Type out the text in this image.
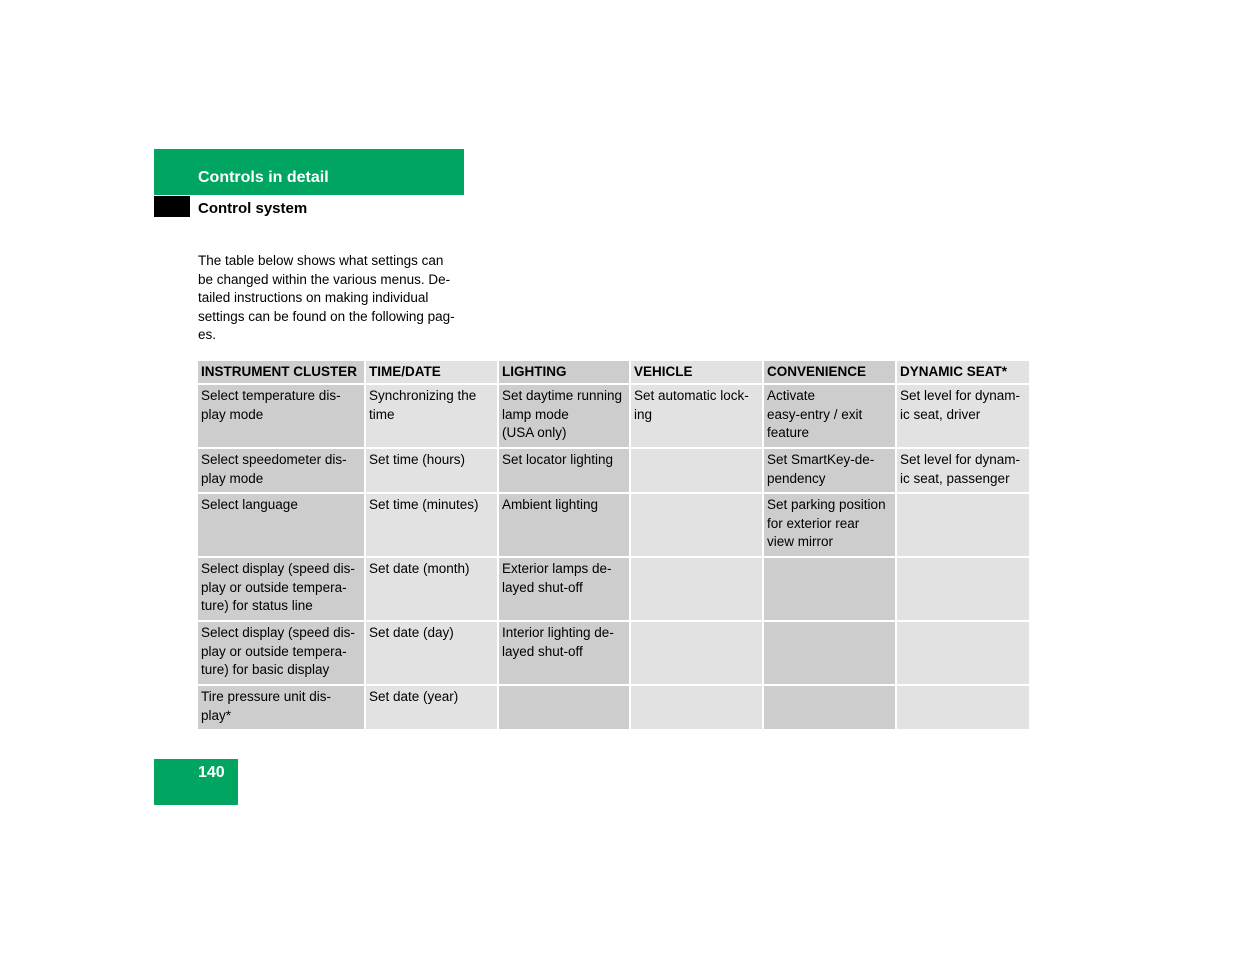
Controls in detail
Control system
The table below shows what settings can
be changed within the various menus. De-
tailed instructions on making individual
settings can be found on the following pag-
es.
INSTRUMENT CLUSTER	TIME/DATE	LIGHTING	VEHICLE	CONVENIENCE	DYNAMIC SEAT*

Select temperature dis-
play mode	Synchronizing the
time	Set daytime running
lamp mode
(USA only)	Set automatic lock-
ing	Activate
easy-entry / exit
feature	Set level for dynam-
ic seat, driver

Select speedometer dis-
play mode	Set time (hours)	Set locator lighting		Set SmartKey-de-
pendency	Set level for dynam-
ic seat, passenger

Select language	Set time (minutes)	Ambient lighting		Set parking position
for exterior rear
view mirror	

Select display (speed dis-
play or outside tempera-
ture) for status line	Set date (month)	Exterior lamps de-
layed shut-off			

Select display (speed dis-
play or outside tempera-
ture) for basic display	Set date (day)	Interior lighting de-
layed shut-off			

Tire pressure unit dis-
play*	Set date (year)				

140
